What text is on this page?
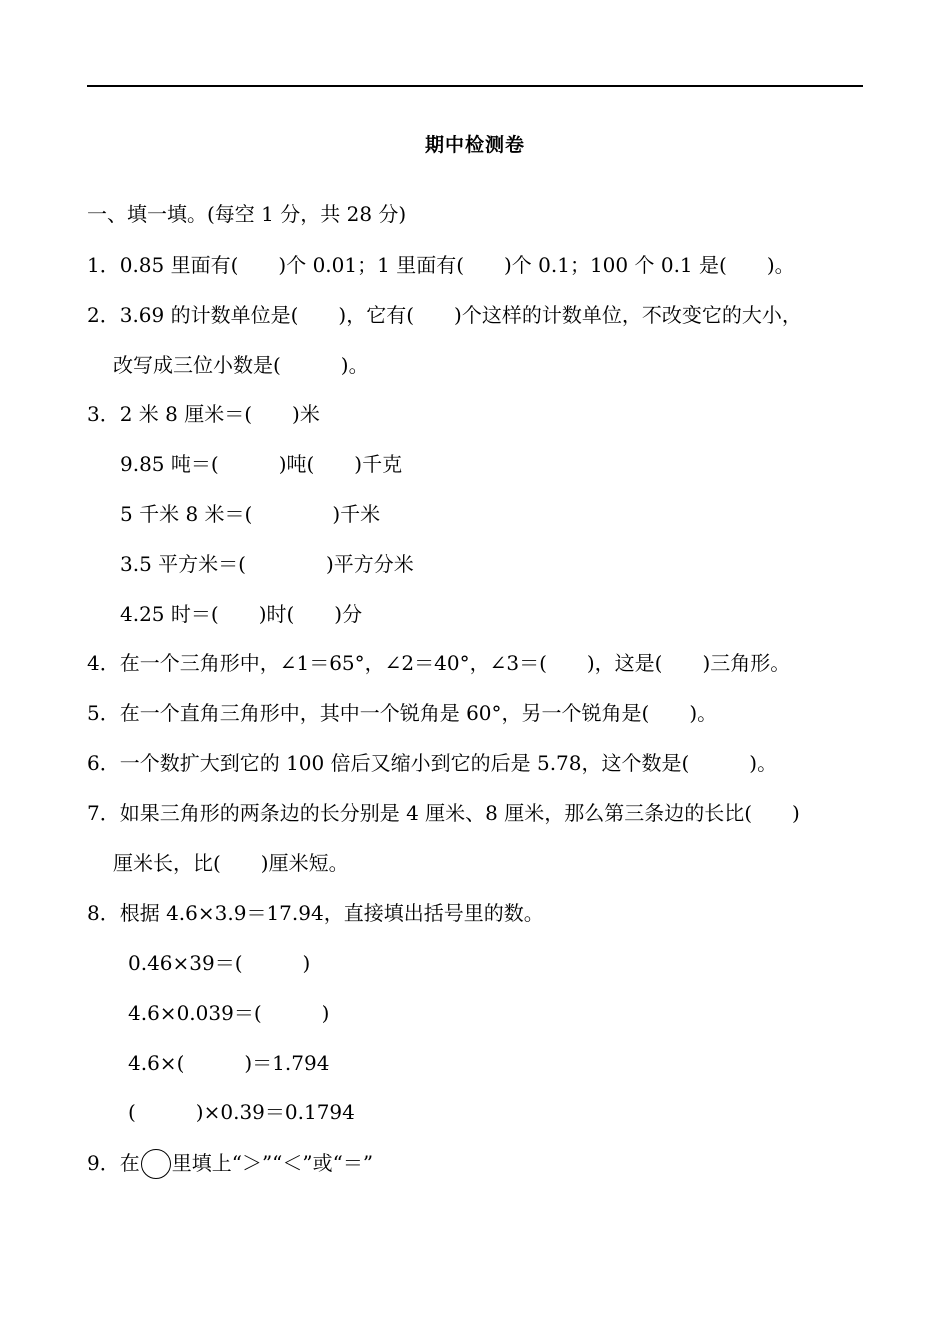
期中检测卷
一、填一填。(每空 1 分，共 28 分)
1．0.85 里面有(　　)个 0.01；1 里面有(　　)个 0.1；100 个 0.1 是(　　)。
2．3.69 的计数单位是(　　)，它有(　　)个这样的计数单位，不改变它的大小，
改写成三位小数是(　　　)。
3．2 米 8 厘米＝(　　)米
9.85 吨＝(　　　)吨(　　)千克
5 千米 8 米＝(　　　　)千米
3.5 平方米＝(　　　　)平方分米
4.25 时＝(　　)时(　　)分
4．在一个三角形中，∠1＝65°，∠2＝40°，∠3＝(　　)，这是(　　)三角形。
5．在一个直角三角形中，其中一个锐角是 60°，另一个锐角是(　　)。
6．一个数扩大到它的 100 倍后又缩小到它的后是 5.78，这个数是(　　　)。
7．如果三角形的两条边的长分别是 4 厘米、8 厘米，那么第三条边的长比(　　)
厘米长，比(　　)厘米短。
8．根据 4.6×3.9＝17.94，直接填出括号里的数。
0.46×39＝(　　　)
4.6×0.039＝(　　　)
4.6×(　　　)＝1.794
(　　　)×0.39＝0.1794
9．在 里填上“＞”“＜”或“＝”
